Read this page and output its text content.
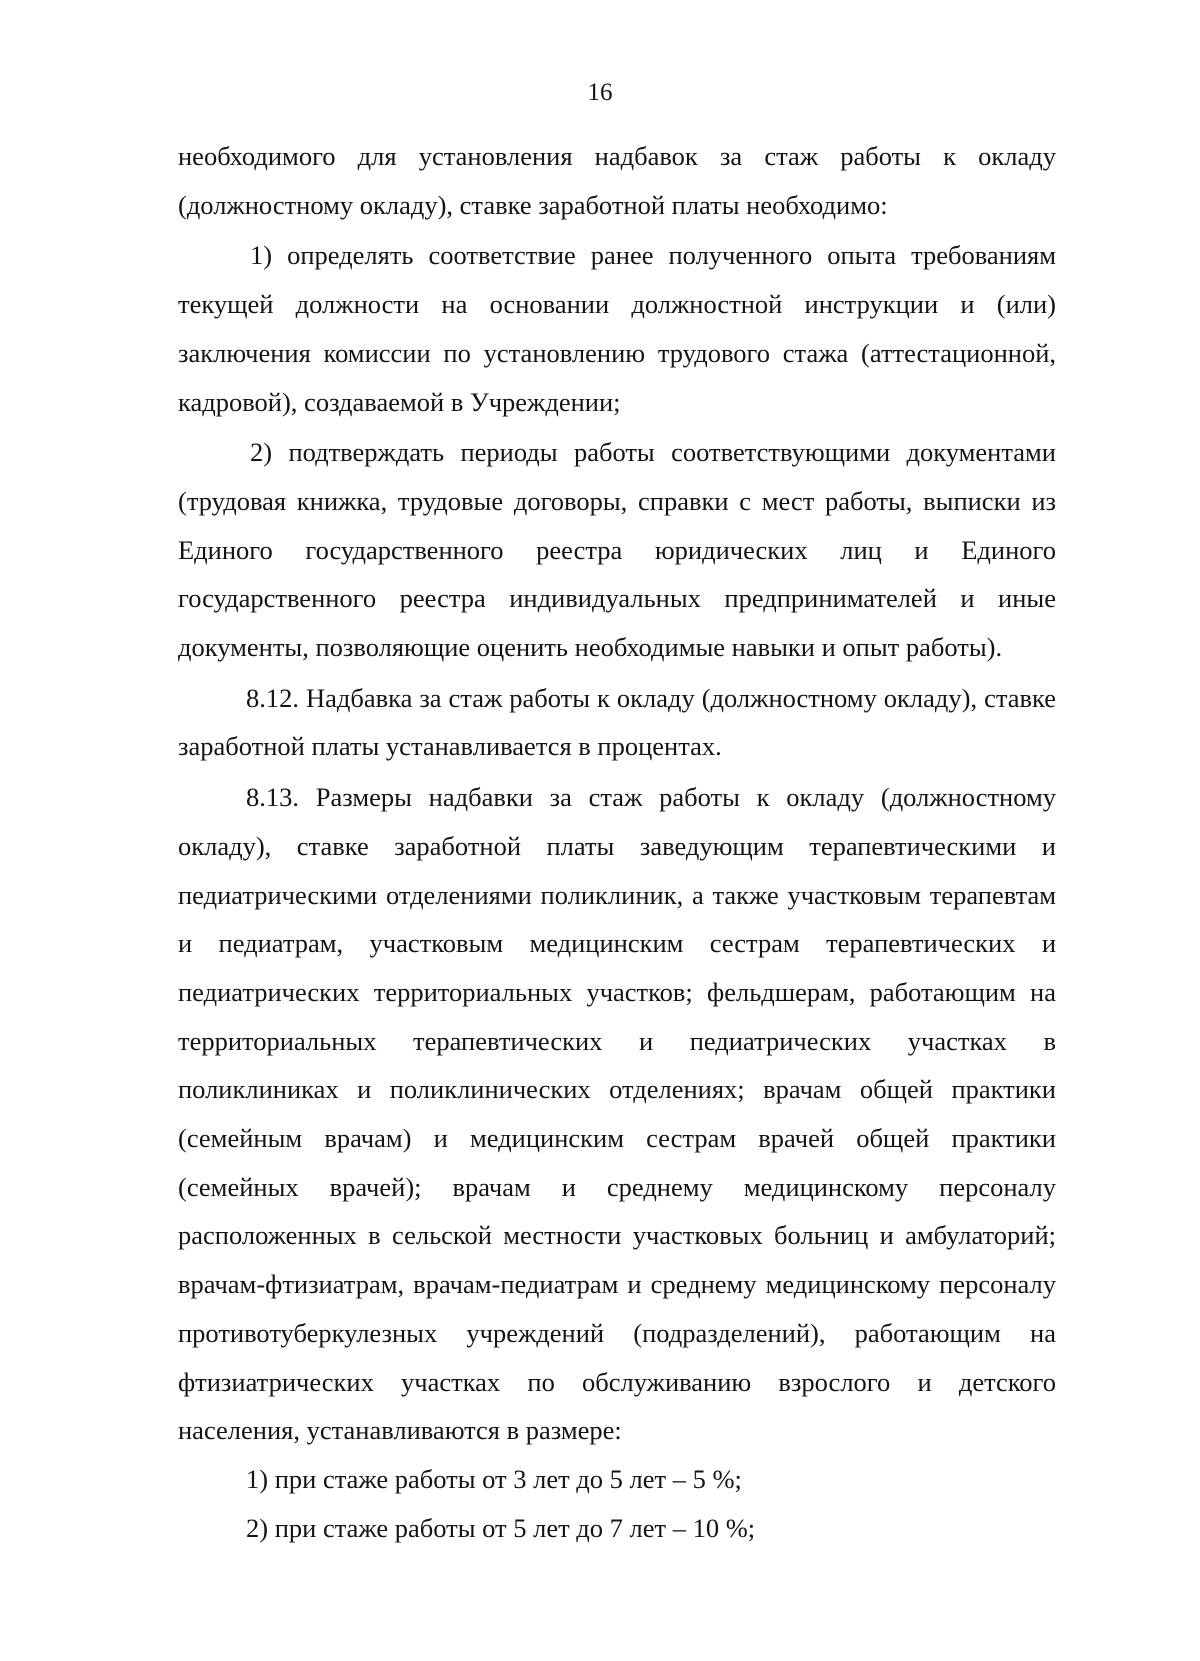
16

необходимого для установления надбавок за стаж работы к окладу (должностному окладу), ставке заработной платы необходимо:

1) определять соответствие ранее полученного опыта требованиям текущей должности на основании должностной инструкции и (или) заключения комиссии по установлению трудового стажа (аттестационной, кадровой), создаваемой в Учреждении;

2) подтверждать периоды работы соответствующими документами (трудовая книжка, трудовые договоры, справки с мест работы, выписки из Единого государственного реестра юридических лиц и Единого государственного реестра индивидуальных предпринимателей и иные документы, позволяющие оценить необходимые навыки и опыт работы).

8.12. Надбавка за стаж работы к окладу (должностному окладу), ставке заработной платы устанавливается в процентах.

8.13. Размеры надбавки за стаж работы к окладу (должностному окладу), ставке заработной платы заведующим терапевтическими и педиатрическими отделениями поликлиник, а также участковым терапевтам и педиатрам, участковым медицинским сестрам терапевтических и педиатрических территориальных участков; фельдшерам, работающим на территориальных терапевтических и педиатрических участках в поликлиниках и поликлинических отделениях; врачам общей практики (семейным врачам) и медицинским сестрам врачей общей практики (семейных врачей); врачам и среднему медицинскому персоналу расположенных в сельской местности участковых больниц и амбулаторий; врачам-фтизиатрам, врачам-педиатрам и среднему медицинскому персоналу противотуберкулезных учреждений (подразделений), работающим на фтизиатрических участках по обслуживанию взрослого и детского населения, устанавливаются в размере:

1) при стаже работы от 3 лет до 5 лет – 5 %;

2) при стаже работы от 5 лет до 7 лет – 10 %;
